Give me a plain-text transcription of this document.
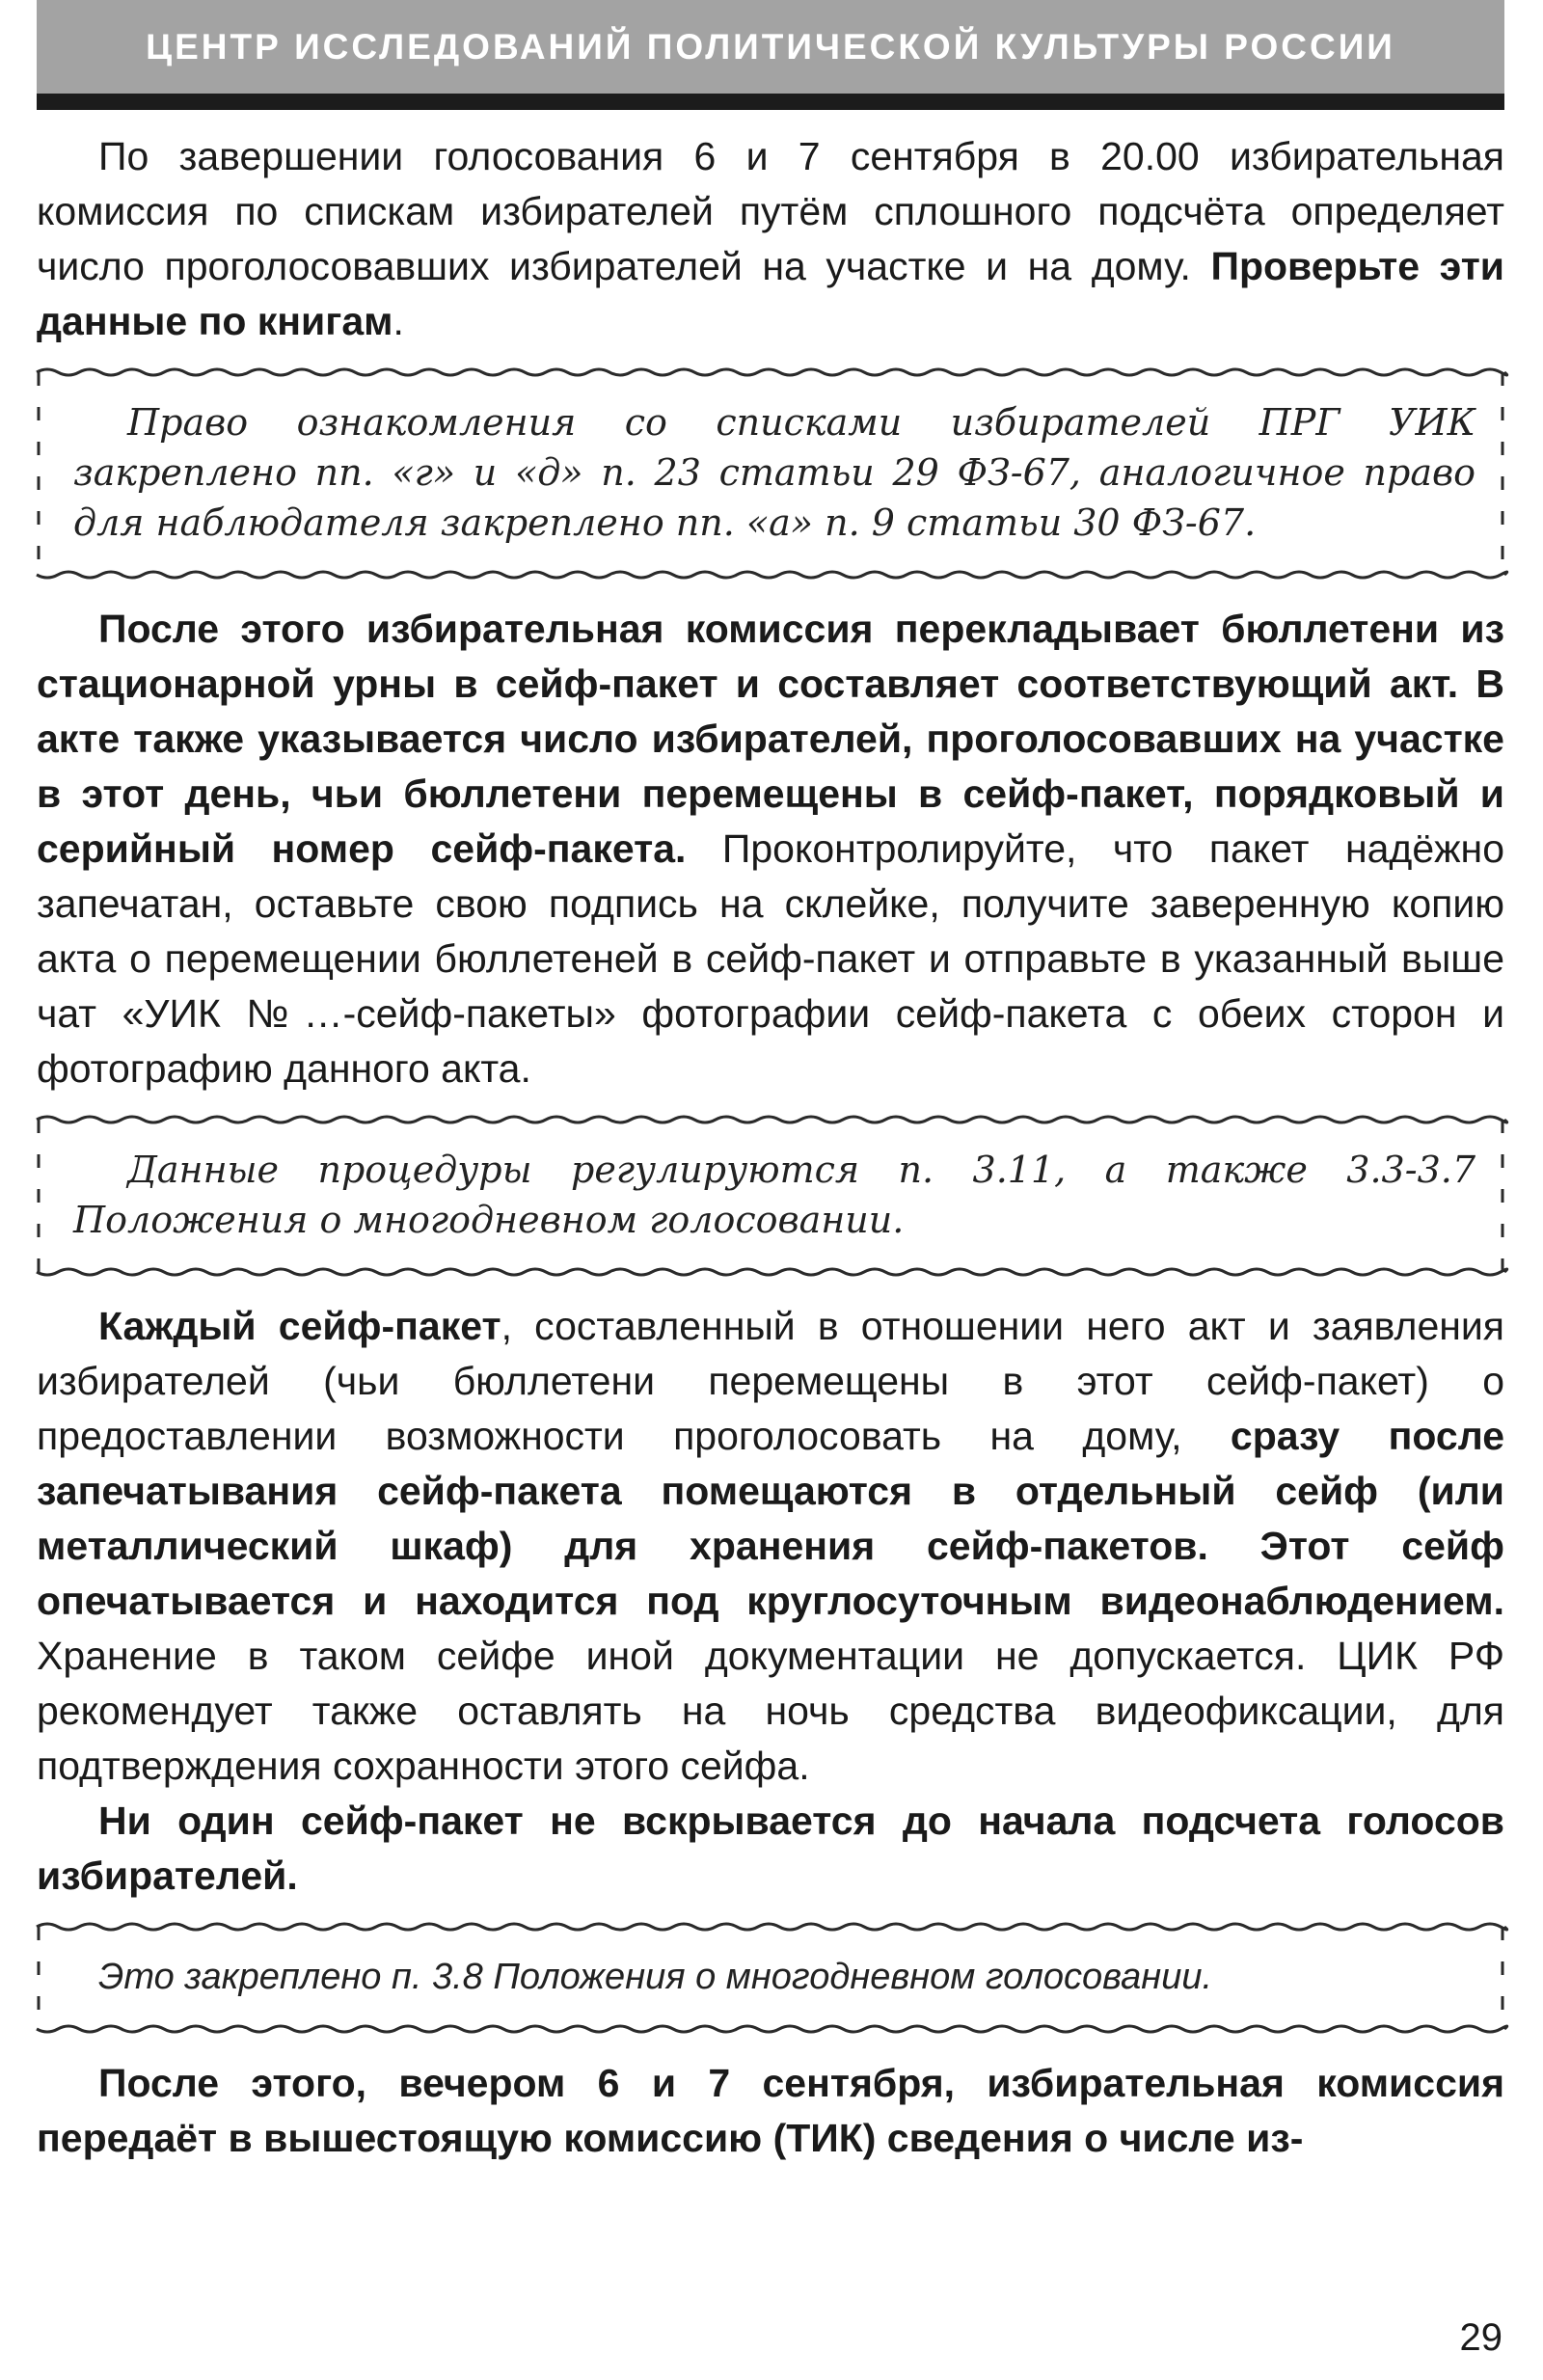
ЦЕНТР ИССЛЕДОВАНИЙ ПОЛИТИЧЕСКОЙ КУЛЬТУРЫ РОССИИ

По завершении голосования 6 и 7 сентября в 20.00 избирательная комиссия по спискам избирателей путём сплошного подсчёта определяет число проголосовавших избирателей на участке и на дому. Проверьте эти данные по книгам.

Право ознакомления со списками избирателей ПРГ УИК закреплено пп. «г» и «д» п. 23 статьи 29 ФЗ-67, аналогичное право для наблюдателя закреплено пп. «а» п. 9 статьи 30 ФЗ-67.

После этого избирательная комиссия перекладывает бюллетени из стационарной урны в сейф-пакет и составляет соответствующий акт. В акте также указывается число избирателей, проголосовавших на участке в этот день, чьи бюллетени перемещены в сейф-пакет, порядковый и серийный номер сейф-пакета. Проконтролируйте, что пакет надёжно запечатан, оставьте свою подпись на склейке, получите заверенную копию акта о перемещении бюллетеней в сейф-пакет и отправьте в указанный выше чат «УИК №…-сейф-пакеты» фотографии сейф-пакета с обеих сторон и фотографию данного акта.

Данные процедуры регулируются п. 3.11, а также 3.3-3.7 Положения о многодневном голосовании.

Каждый сейф-пакет, составленный в отношении него акт и заявления избирателей (чьи бюллетени перемещены в этот сейф-пакет) о предоставлении возможности проголосовать на дому, сразу после запечатывания сейф-пакета помещаются в отдельный сейф (или металлический шкаф) для хранения сейф-пакетов. Этот сейф опечатывается и находится под круглосуточным видеонаблюдением. Хранение в таком сейфе иной документации не допускается. ЦИК РФ рекомендует также оставлять на ночь средства видеофиксации, для подтверждения сохранности этого сейфа.

Ни один сейф-пакет не вскрывается до начала подсчета голосов избирателей.

Это закреплено п. 3.8 Положения о многодневном голосовании.

После этого, вечером 6 и 7 сентября, избирательная комиссия передаёт в вышестоящую комиссию (ТИК) сведения о числе из-

29
